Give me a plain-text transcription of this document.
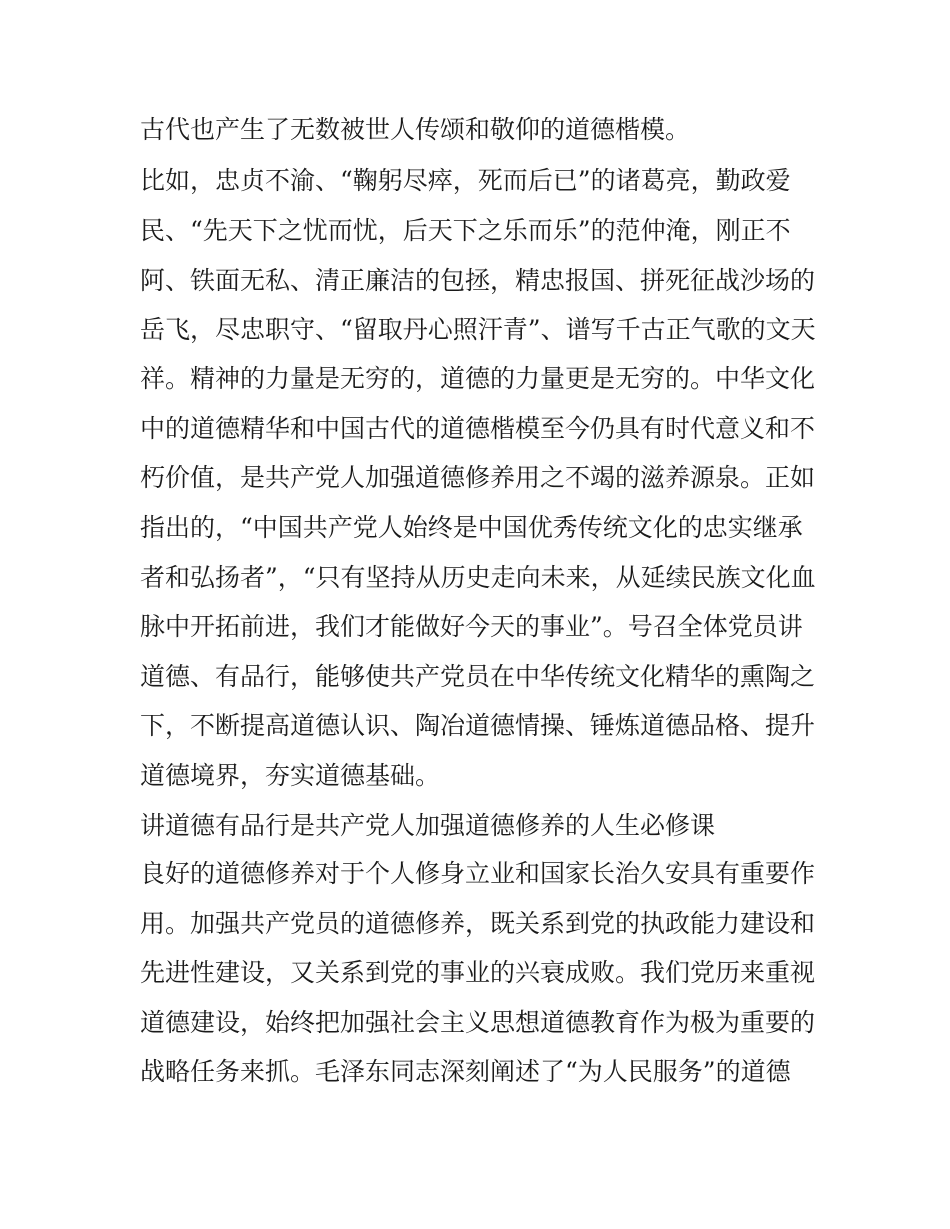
古代也产生了无数被世人传颂和敬仰的道德楷模。

比如，忠贞不渝、“鞠躬尽瘁，死而后已”的诸葛亮，勤政爱

民、“先天下之忧而忧，后天下之乐而乐”的范仲淹，刚正不

阿、铁面无私、清正廉洁的包拯，精忠报国、拼死征战沙场的

岳飞，尽忠职守、“留取丹心照汗青”、谱写千古正气歌的文天

祥。精神的力量是无穷的，道德的力量更是无穷的。中华文化

中的道德精华和中国古代的道德楷模至今仍具有时代意义和不

朽价值，是共产党人加强道德修养用之不竭的滋养源泉。正如

指出的，“中国共产党人始终是中国优秀传统文化的忠实继承

者和弘扬者”，“只有坚持从历史走向未来，从延续民族文化血

脉中开拓前进，我们才能做好今天的事业”。号召全体党员讲

道德、有品行，能够使共产党员在中华传统文化精华的熏陶之

下，不断提高道德认识、陶冶道德情操、锤炼道德品格、提升

道德境界，夯实道德基础。

讲道德有品行是共产党人加强道德修养的人生必修课

良好的道德修养对于个人修身立业和国家长治久安具有重要作

用。加强共产党员的道德修养，既关系到党的执政能力建设和

先进性建设，又关系到党的事业的兴衰成败。我们党历来重视

道德建设，始终把加强社会主义思想道德教育作为极为重要的

战略任务来抓。毛泽东同志深刻阐述了“为人民服务”的道德
